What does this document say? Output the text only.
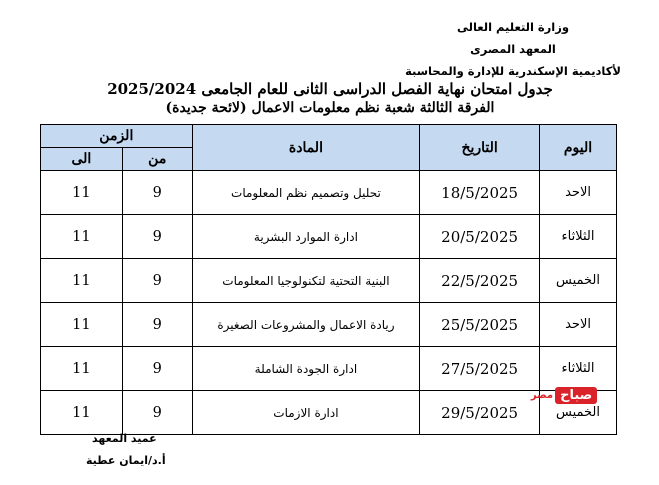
وزارة التعليم العالى
المعهد المصرى
لأكاديمية الإسكندرية للإدارة والمحاسبة
جدول امتحان نهاية الفصل الدراسى الثانى للعام الجامعى 2025/2024
الفرقة الثالثة شعبة نظم معلومات الاعمال (لائحة جديدة)
الزمن		المادة	التاريخ	اليوم
الى	من			
11	9	تحليل وتصميم نظم المعلومات	18/5/2025	الاحد
11	9	ادارة الموارد البشرية	20/5/2025	الثلاثاء
11	9	البنية التحتية لتكنولوجيا المعلومات	22/5/2025	الخميس
11	9	ريادة الاعمال والمشروعات الصغيرة	25/5/2025	الاحد
11	9	ادارة الجودة الشاملة	27/5/2025	الثلاثاء
11	9	ادارة الازمات	29/5/2025	الخميس
صباح
مصر
عميد المعهد
أ.د/ايمان عطية
